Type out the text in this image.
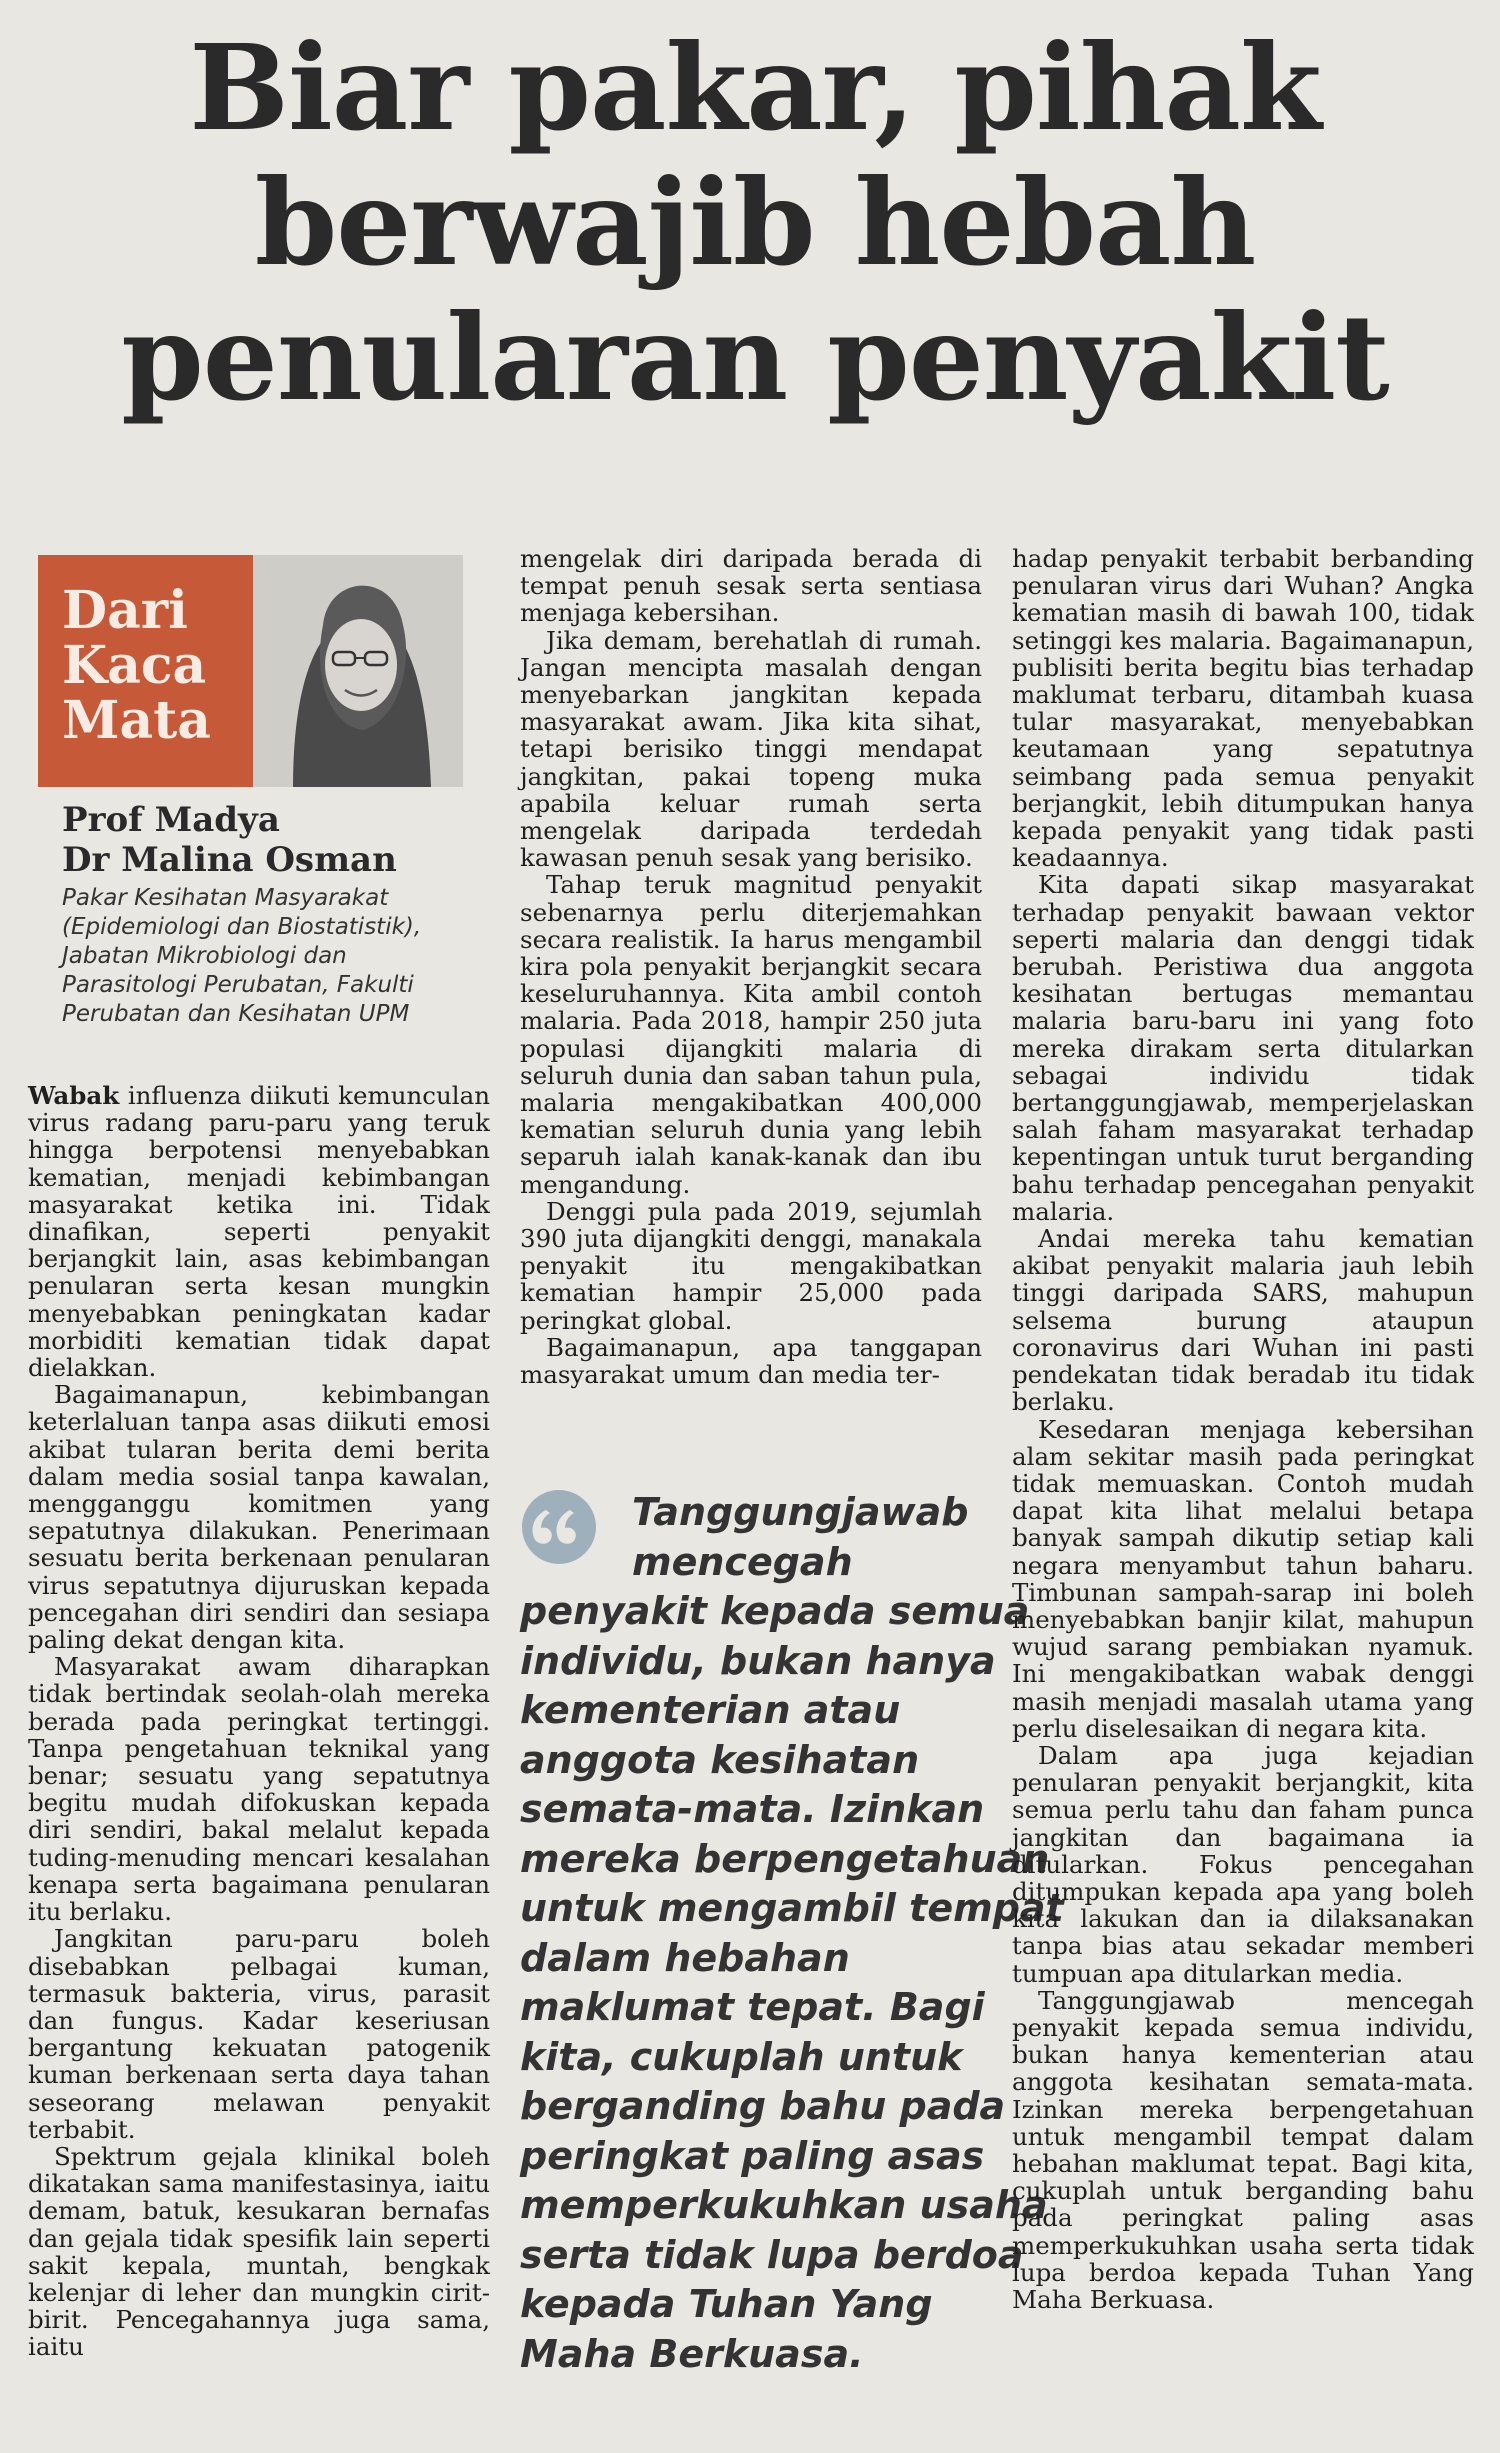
Biar pakar, pihak
berwajib hebah
penularan penyakit
Dari
Kaca
Mata
Prof Madya
Dr Malina Osman
Pakar Kesihatan Masyarakat
(Epidemiologi dan Biostatistik),
Jabatan Mikrobiologi dan
Parasitologi Perubatan, Fakulti
Perubatan dan Kesihatan UPM

Wabak influenza diikuti kemunculan virus radang paru-paru yang teruk hingga berpotensi menyebabkan kematian, menjadi kebimbangan masyarakat ketika ini. Tidak dinafikan, seperti penyakit berjangkit lain, asas kebimbangan penularan serta kesan mungkin menyebabkan peningkatan kadar morbiditi kematian tidak dapat dielakkan.

Bagaimanapun, kebimbangan keterlaluan tanpa asas diikuti emosi akibat tularan berita demi berita dalam media sosial tanpa kawalan, mengganggu komitmen yang sepatutnya dilakukan. Penerimaan sesuatu berita berkenaan penularan virus sepatutnya dijuruskan kepada pencegahan diri sendiri dan sesiapa paling dekat dengan kita.

Masyarakat awam diharapkan tidak bertindak seolah-olah mereka berada pada peringkat tertinggi. Tanpa pengetahuan teknikal yang benar; sesuatu yang sepatutnya begitu mudah difokuskan kepada diri sendiri, bakal melalut kepada tuding-menuding mencari kesalahan kenapa serta bagaimana penularan itu berlaku.

Jangkitan paru-paru boleh disebabkan pelbagai kuman, termasuk bakteria, virus, parasit dan fungus. Kadar keseriusan bergantung kekuatan patogenik kuman berkenaan serta daya tahan seseorang melawan penyakit terbabit.

Spektrum gejala klinikal boleh dikatakan sama manifestasinya, iaitu demam, batuk, kesukaran bernafas dan gejala tidak spesifik lain seperti sakit kepala, muntah, bengkak kelenjar di leher dan mungkin cirit-birit. Pencegahannya juga sama, iaitu

mengelak diri daripada berada di tempat penuh sesak serta sentiasa menjaga kebersihan.

Jika demam, berehatlah di rumah. Jangan mencipta masalah dengan menyebarkan jangkitan kepada masyarakat awam. Jika kita sihat, tetapi berisiko tinggi mendapat jangkitan, pakai topeng muka apabila keluar rumah serta mengelak daripada terdedah kawasan penuh sesak yang berisiko.

Tahap teruk magnitud penyakit sebenarnya perlu diterjemahkan secara realistik. Ia harus mengambil kira pola penyakit berjangkit secara keseluruhannya. Kita ambil contoh malaria. Pada 2018, hampir 250 juta populasi dijangkiti malaria di seluruh dunia dan saban tahun pula, malaria mengakibatkan 400,000 kematian seluruh dunia yang lebih separuh ialah kanak-kanak dan ibu mengandung.

Denggi pula pada 2019, sejumlah 390 juta dijangkiti denggi, manakala penyakit itu mengakibatkan kematian hampir 25,000 pada peringkat global.

Bagaimanapun, apa tanggapan masyarakat umum dan media ter-

Tanggungjawab
mencegah
penyakit kepada semua
individu, bukan hanya
kementerian atau
anggota kesihatan
semata-mata. Izinkan
mereka berpengetahuan
untuk mengambil tempat
dalam hebahan
maklumat tepat. Bagi
kita, cukuplah untuk
berganding bahu pada
peringkat paling asas
memperkukuhkan usaha
serta tidak lupa berdoa
kepada Tuhan Yang
Maha Berkuasa.

hadap penyakit terbabit berbanding penularan virus dari Wuhan? Angka kematian masih di bawah 100, tidak setinggi kes malaria. Bagaimanapun, publisiti berita begitu bias terhadap maklumat terbaru, ditambah kuasa tular masyarakat, menyebabkan keutamaan yang sepatutnya seimbang pada semua penyakit berjangkit, lebih ditumpukan hanya kepada penyakit yang tidak pasti keadaannya.

Kita dapati sikap masyarakat terhadap penyakit bawaan vektor seperti malaria dan denggi tidak berubah. Peristiwa dua anggota kesihatan bertugas memantau malaria baru-baru ini yang foto mereka dirakam serta ditularkan sebagai individu tidak bertanggungjawab, memperjelaskan salah faham masyarakat terhadap kepentingan untuk turut berganding bahu terhadap pencegahan penyakit malaria.

Andai mereka tahu kematian akibat penyakit malaria jauh lebih tinggi daripada SARS, mahupun selsema burung ataupun coronavirus dari Wuhan ini pasti pendekatan tidak beradab itu tidak berlaku.

Kesedaran menjaga kebersihan alam sekitar masih pada peringkat tidak memuaskan. Contoh mudah dapat kita lihat melalui betapa banyak sampah dikutip setiap kali negara menyambut tahun baharu. Timbunan sampah-sarap ini boleh menyebabkan banjir kilat, mahupun wujud sarang pembiakan nyamuk. Ini mengakibatkan wabak denggi masih menjadi masalah utama yang perlu diselesaikan di negara kita.

Dalam apa juga kejadian penularan penyakit berjangkit, kita semua perlu tahu dan faham punca jangkitan dan bagaimana ia ditularkan. Fokus pencegahan ditumpukan kepada apa yang boleh kita lakukan dan ia dilaksanakan tanpa bias atau sekadar memberi tumpuan apa ditularkan media.

Tanggungjawab mencegah penyakit kepada semua individu, bukan hanya kementerian atau anggota kesihatan semata-mata. Izinkan mereka berpengetahuan untuk mengambil tempat dalam hebahan maklumat tepat. Bagi kita, cukuplah untuk berganding bahu pada peringkat paling asas memperkukuhkan usaha serta tidak lupa berdoa kepada Tuhan Yang Maha Berkuasa.
